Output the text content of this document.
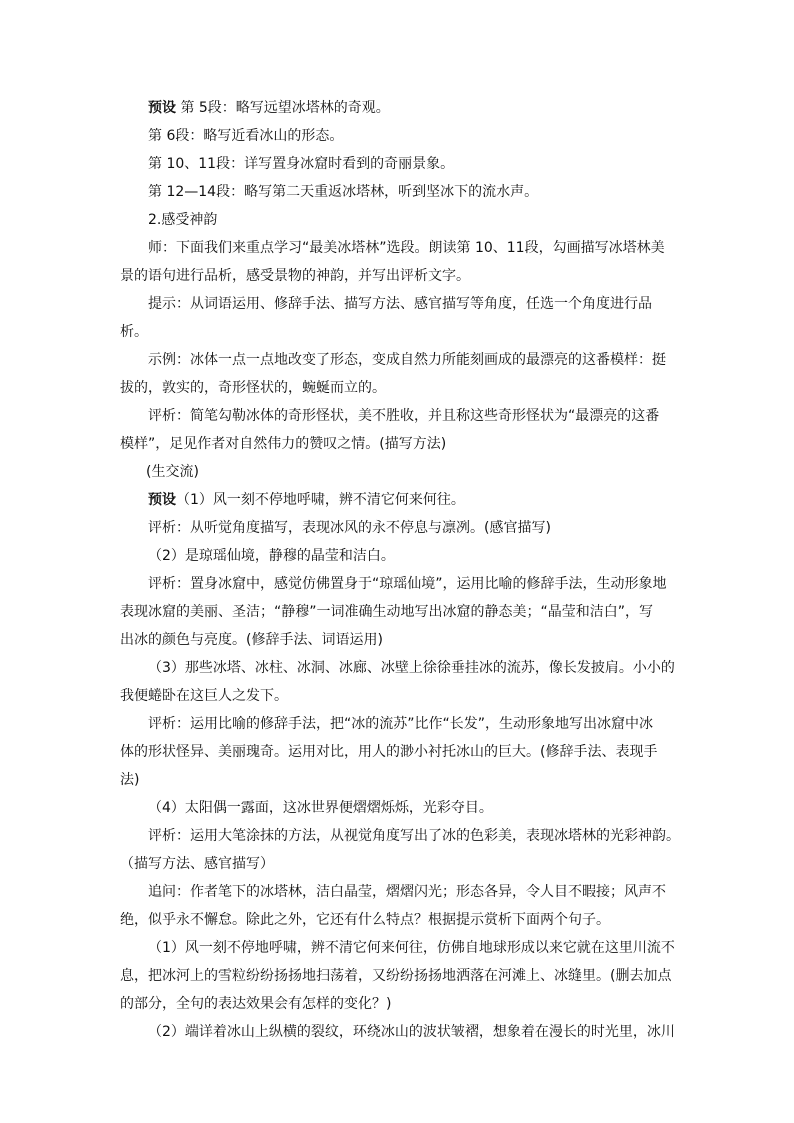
预设 第 5段：略写远望冰塔林的奇观。
第 6段：略写近看冰山的形态。
第 10、11段：详写置身冰窟时看到的奇丽景象。
第 12—14段：略写第二天重返冰塔林，听到坚冰下的流水声。
2.感受神韵
师：下面我们来重点学习“最美冰塔林”选段。朗读第 10、11段，勾画描写冰塔林美
景的语句进行品析，感受景物的神韵，并写出评析文字。
提示：从词语运用、修辞手法、描写方法、感官描写等角度，任选一个角度进行品
析。
示例：冰体一点一点地改变了形态，变成自然力所能刻画成的最漂亮的这番模样：挺
拔的，敦实的，奇形怪状的，蜿蜒而立的。
评析：简笔勾勒冰体的奇形怪状，美不胜收，并且称这些奇形怪状为“最漂亮的这番
模样”，足见作者对自然伟力的赞叹之情。(描写方法)
(生交流)
预设（1）风一刻不停地呼啸，辨不清它何来何往。
评析：从听觉角度描写，表现冰风的永不停息与凛冽。(感官描写)
（2）是琼瑶仙境，静穆的晶莹和洁白。
评析：置身冰窟中，感觉仿佛置身于“琼瑶仙境”，运用比喻的修辞手法，生动形象地
表现冰窟的美丽、圣洁；“静穆”一词准确生动地写出冰窟的静态美；“晶莹和洁白”，写
出冰的颜色与亮度。(修辞手法、词语运用)
（3）那些冰塔、冰柱、冰洞、冰廊、冰壁上徐徐垂挂冰的流苏，像长发披肩。小小的
我便蜷卧在这巨人之发下。
评析：运用比喻的修辞手法，把“冰的流苏”比作“长发”，生动形象地写出冰窟中冰
体的形状怪异、美丽瑰奇。运用对比，用人的渺小衬托冰山的巨大。(修辞手法、表现手
法)
（4）太阳偶一露面，这冰世界便熠熠烁烁，光彩夺目。
评析：运用大笔涂抹的方法，从视觉角度写出了冰的色彩美，表现冰塔林的光彩神韵。
（描写方法、感官描写）
追问：作者笔下的冰塔林，洁白晶莹，熠熠闪光；形态各异，令人目不暇接；风声不
绝，似乎永不懈怠。除此之外，它还有什么特点？根据提示赏析下面两个句子。
（1）风一刻不停地呼啸，辨不清它何来何往，仿佛自地球形成以来它就在这里川流不
息，把冰河上的雪粒纷纷扬扬地扫荡着，又纷纷扬扬地洒落在河滩上、冰缝里。(删去加点
的部分，全句的表达效果会有怎样的变化？)
（2）端详着冰山上纵横的裂纹，环绕冰山的波状皱褶，想象着在漫长的时光里，冰川
